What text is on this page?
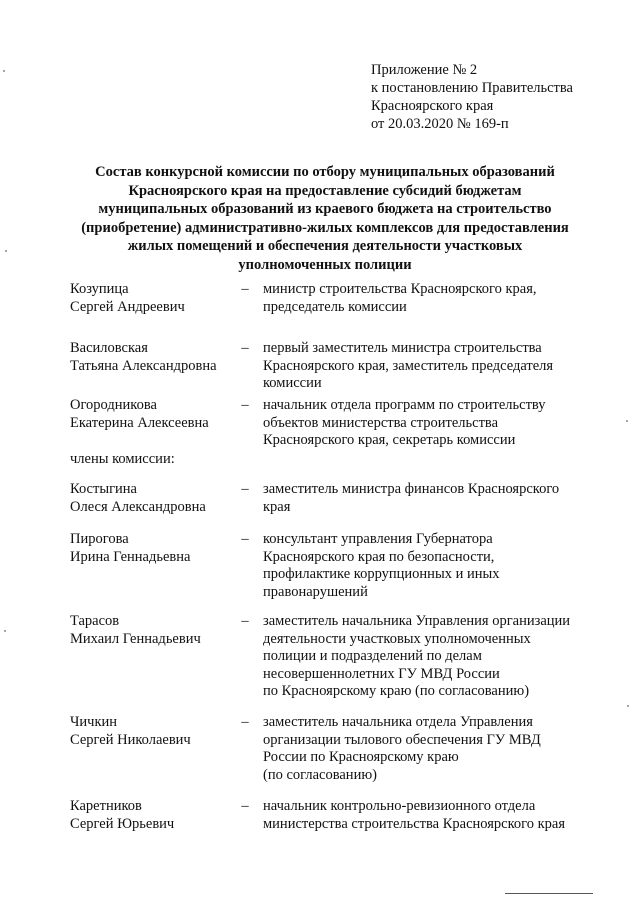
Приложение № 2
к постановлению Правительства
Красноярского края
от 20.03.2020 № 169-п
Состав конкурсной комиссии по отбору муниципальных образований
Красноярского края на предоставление субсидий бюджетам
муниципальных образований из краевого бюджета на строительство
(приобретение) административно-жилых комплексов для предоставления
жилых помещений и обеспечения деятельности участковых
уполномоченных полиции
Козупица
Сергей Андреевич
– министр строительства Красноярского края,
председатель комиссии
Василовская
Татьяна Александровна
– первый заместитель министра строительства
Красноярского края, заместитель председателя
комиссии
Огородникова
Екатерина Алексеевна
– начальник отдела программ по строительству
объектов министерства строительства
Красноярского края, секретарь комиссии
члены комиссии:
Костыгина
Олеся Александровна
– заместитель министра финансов Красноярского
края
Пирогова
Ирина Геннадьевна
– консультант управления Губернатора
Красноярского края по безопасности,
профилактике коррупционных и иных
правонарушений
Тарасов
Михаил Геннадьевич
– заместитель начальника Управления организации
деятельности участковых уполномоченных
полиции и подразделений по делам
несовершеннолетних ГУ МВД России
по Красноярскому краю (по согласованию)
Чичкин
Сергей Николаевич
– заместитель начальника отдела Управления
организации тылового обеспечения ГУ МВД
России по Красноярскому краю
(по согласованию)
Каретников
Сергей Юрьевич
– начальник контрольно-ревизионного отдела
министерства строительства Красноярского края
